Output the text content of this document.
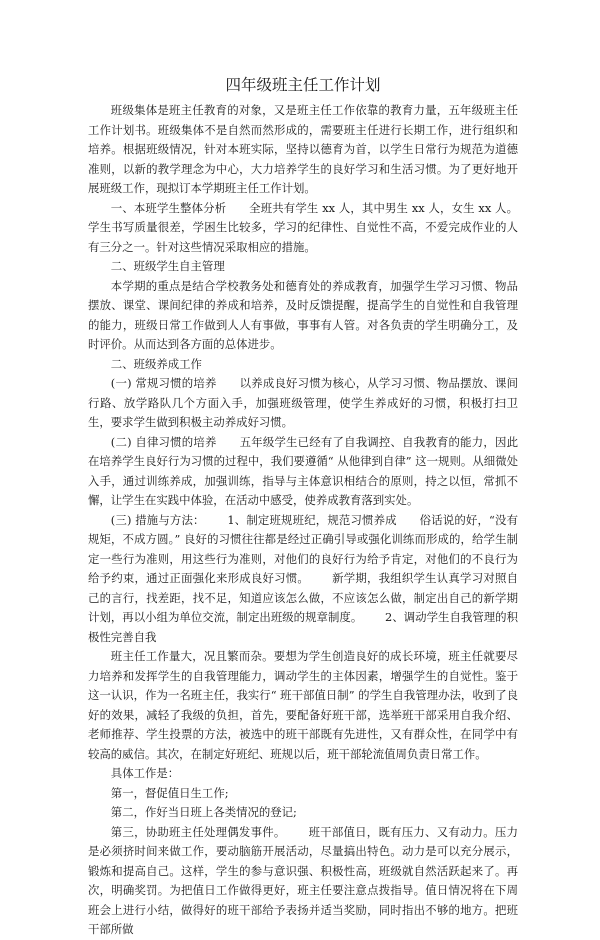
四年级班主任工作计划

班级集体是班主任教育的对象，又是班主任工作依靠的教育力量，五年级班主任工作计划书。班级集体不是自然而然形成的，需要班主任进行长期工作，进行组织和培养。根据班级情况，针对本班实际，坚持以德育为首，以学生日常行为规范为道德准则，以新的教学理念为中心，大力培养学生的良好学习和生活习惯。为了更好地开展班级工作，现拟订本学期班主任工作计划。

一、本班学生整体分析 全班共有学生 xx 人，其中男生 xx 人，女生 xx 人。学生书写质量很差，学困生比较多，学习的纪律性、自觉性不高，不爱完成作业的人有三分之一。针对这些情况采取相应的措施。

二、班级学生自主管理

本学期的重点是结合学校教务处和德育处的养成教育，加强学生学习习惯、物品摆放、课堂、课间纪律的养成和培养，及时反馈提醒，提高学生的自觉性和自我管理的能力，班级日常工作做到人人有事做，事事有人管。对各负责的学生明确分工，及时评价。从而达到各方面的总体进步。

二、班级养成工作

(一) 常规习惯的培养 以养成良好习惯为核心，从学习习惯、物品摆放、课间行路、放学路队几个方面入手，加强班级管理，使学生养成好的习惯，积极打扫卫生，要求学生做到积极主动养成好习惯。

(二) 自律习惯的培养 五年级学生已经有了自我调控、自我教育的能力，因此在培养学生良好行为习惯的过程中，我们要遵循“ 从他律到自律” 这一规则。从细微处入手，通过训练养成，加强训练，指导与主体意识相结合的原则，持之以恒，常抓不懈，让学生在实践中体验，在活动中感受，使养成教育落到实处。

(三) 措施与方法： 1、制定班规班纪，规范习惯养成 俗话说的好，“没有规矩，不成方圆。” 良好的习惯往往都是经过正确引导或强化训练而形成的，给学生制定一些行为准则，用这些行为准则，对他们的良好行为给予肯定，对他们的不良行为给予约束，通过正面强化来形成良好习惯。 新学期，我组织学生认真学习对照自己的言行，找差距，找不足，知道应该怎么做，不应该怎么做，制定出自己的新学期计划，再以小组为单位交流，制定出班级的规章制度。 2、调动学生自我管理的积极性完善自我

班主任工作量大，况且繁而杂。要想为学生创造良好的成长环境，班主任就要尽力培养和发挥学生的自我管理能力，调动学生的主体因素，增强学生的自觉性。鉴于这一认识，作为一名班主任，我实行“ 班干部值日制” 的学生自我管理办法，收到了良好的效果，减轻了我级的负担，首先，要配备好班干部，选举班干部采用自我介绍、老师推荐、学生投票的方法，被选中的班干部既有先进性，又有群众性，在同学中有较高的威信。其次，在制定好班纪、班规以后，班干部轮流值周负责日常工作。

具体工作是：

第一，督促值日生工作;

第二，作好当日班上各类情况的登记;

第三，协助班主任处理偶发事件。 班干部值日，既有压力、又有动力。压力是必须挤时间来做工作，要动脑筋开展活动，尽量搞出特色。动力是可以充分展示，锻炼和提高自己。这样，学生的参与意识强、积极性高，班级就自然活跃起来了。再次，明确奖罚。为把值日工作做得更好，班主任要注意点拨指导。值日情况将在下周班会上进行小结，做得好的班干部给予表扬并适当奖励，同时指出不够的地方。把班干部所做
